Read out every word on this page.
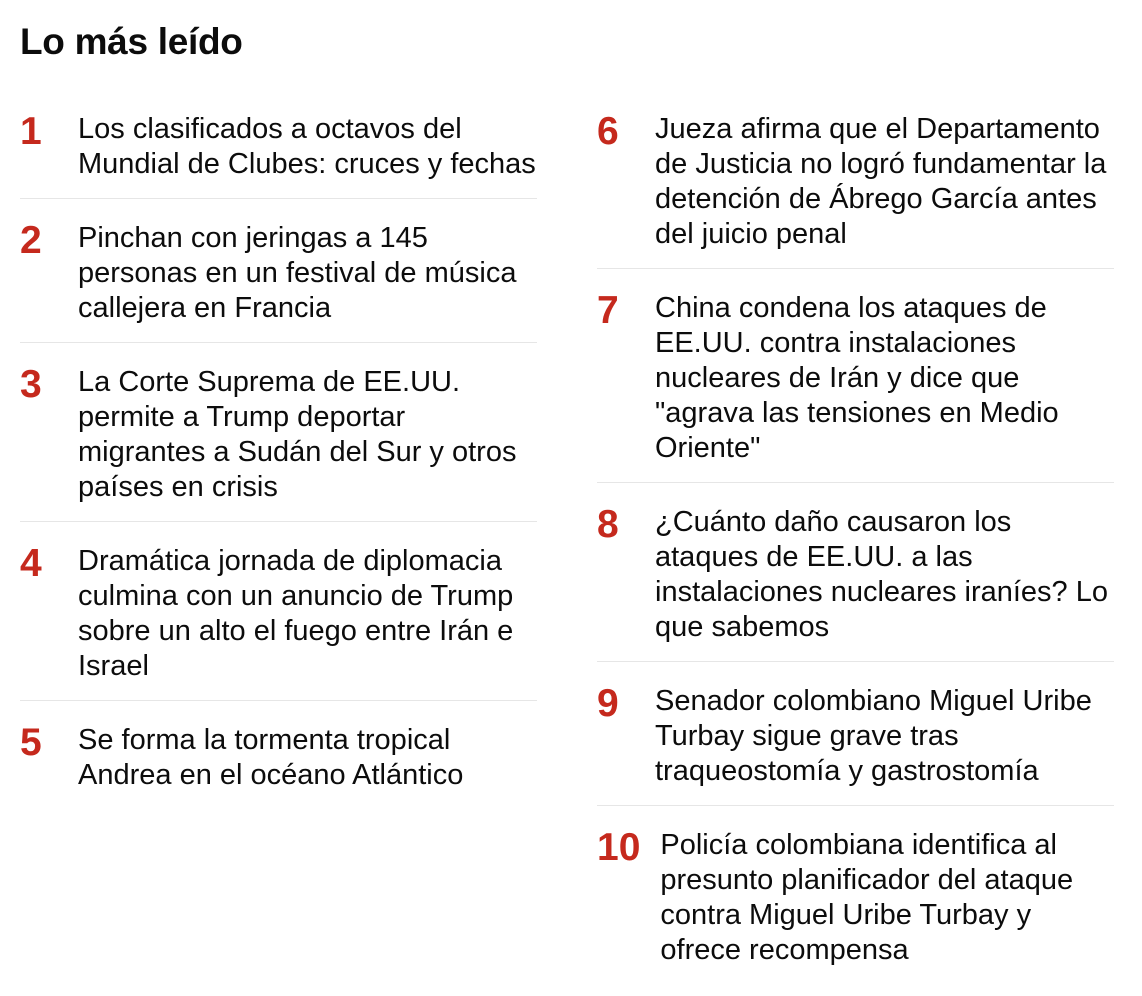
Lo más leído
1	Los clasificados a octavos del Mundial de Clubes: cruces y fechas
2	Pinchan con jeringas a 145 personas en un festival de música callejera en Francia
3	La Corte Suprema de EE.UU. permite a Trump deportar migrantes a Sudán del Sur y otros países en crisis
4	Dramática jornada de diplomacia culmina con un anuncio de Trump sobre un alto el fuego entre Irán e Israel
5	Se forma la tormenta tropical Andrea en el océano Atlántico
6	Jueza afirma que el Departamento de Justicia no logró fundamentar la detención de Ábrego García antes del juicio penal
7	China condena los ataques de EE.UU. contra instalaciones nucleares de Irán y dice que "agrava las tensiones en Medio Oriente"
8	¿Cuánto daño causaron los ataques de EE.UU. a las instalaciones nucleares iraníes? Lo que sabemos
9	Senador colombiano Miguel Uribe Turbay sigue grave tras traqueostomía y gastrostomía
10 Policía colombiana identifica al presunto planificador del ataque contra Miguel Uribe Turbay y ofrece recompensa
